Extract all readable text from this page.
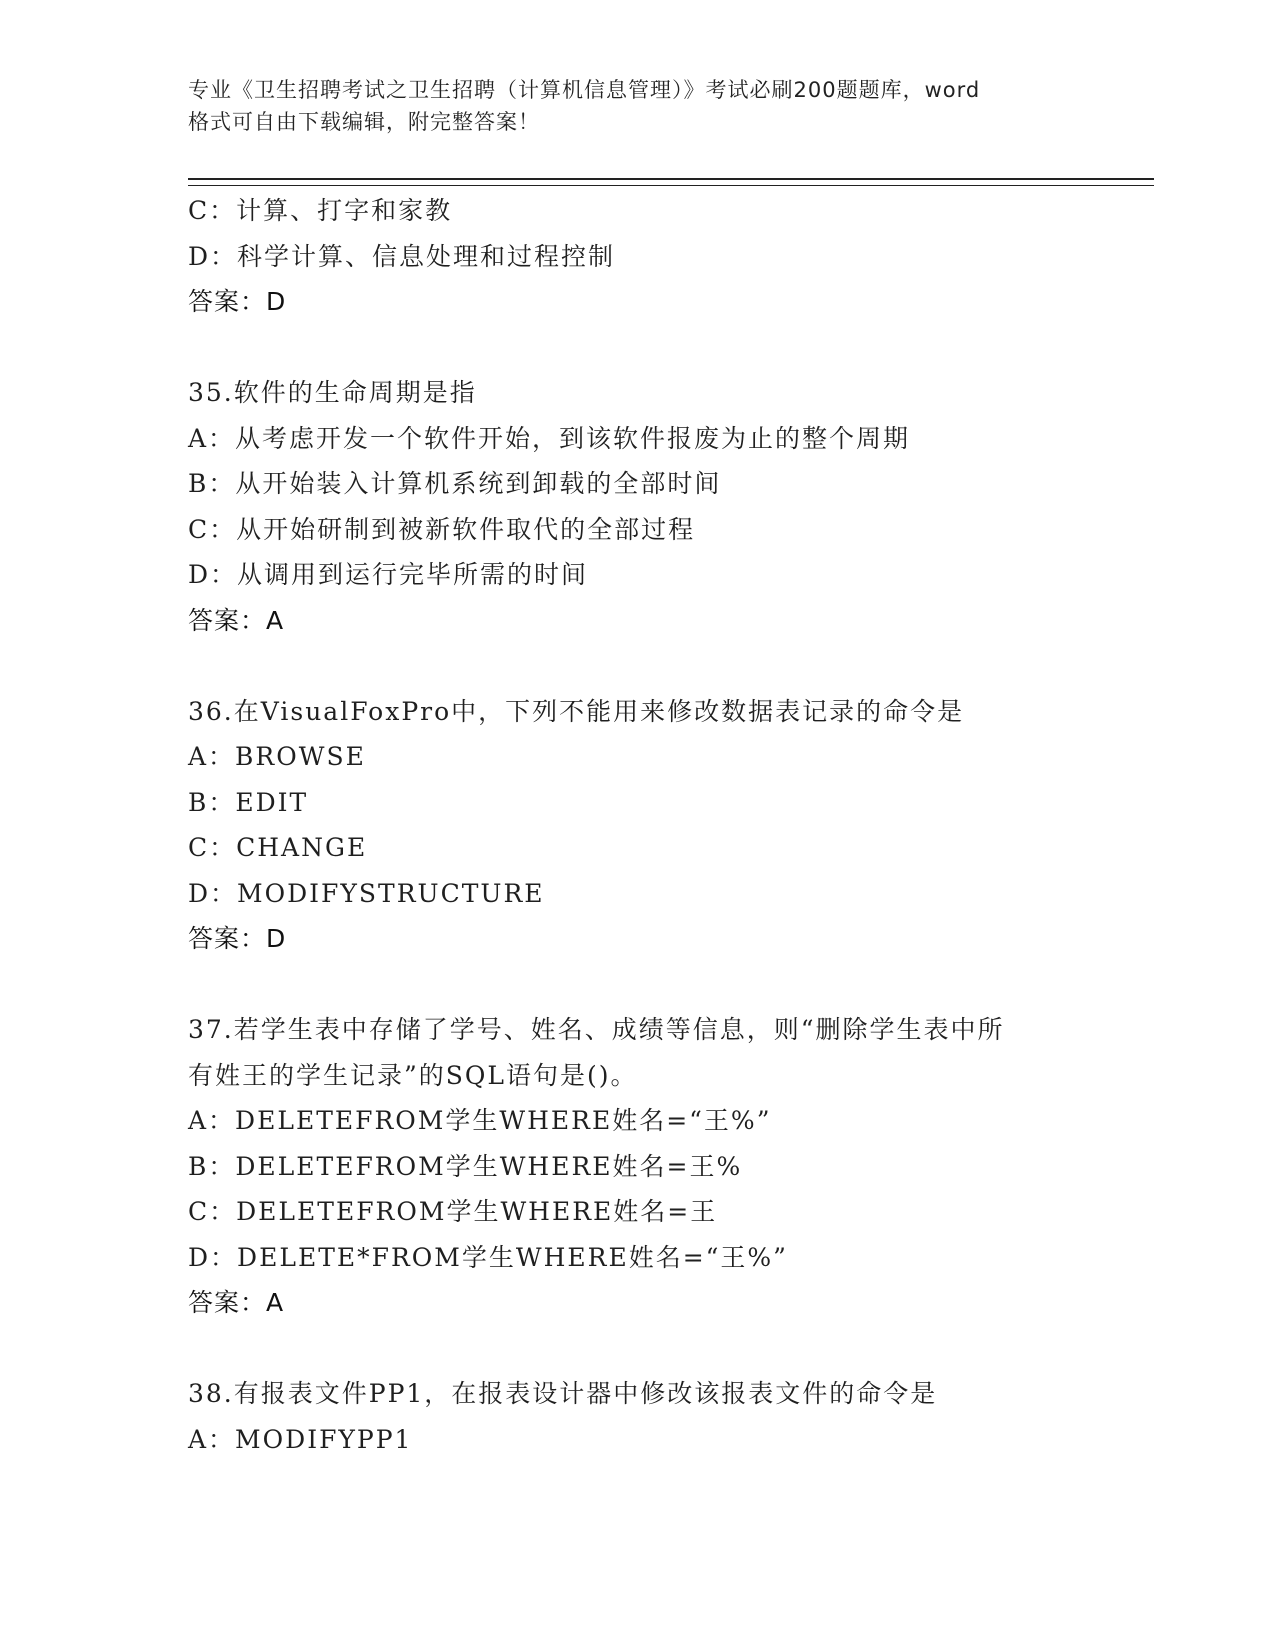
专业《卫生招聘考试之卫生招聘（计算机信息管理）》考试必刷200题题库，word
格式可自由下载编辑，附完整答案！
C：计算、打字和家教
D：科学计算、信息处理和过程控制
答案：D
35.软件的生命周期是指
A：从考虑开发一个软件开始，到该软件报废为止的整个周期
B：从开始装入计算机系统到卸载的全部时间
C：从开始研制到被新软件取代的全部过程
D：从调用到运行完毕所需的时间
答案：A
36.在VisualFoxPro中，下列不能用来修改数据表记录的命令是
A：BROWSE
B：EDIT
C：CHANGE
D：MODIFYSTRUCTURE
答案：D
37.若学生表中存储了学号、姓名、成绩等信息，则“删除学生表中所
有姓王的学生记录”的SQL语句是()。
A：DELETEFROM学生WHERE姓名=“王%”
B：DELETEFROM学生WHERE姓名=王%
C：DELETEFROM学生WHERE姓名=王
D：DELETE*FROM学生WHERE姓名=“王%”
答案：A
38.有报表文件PP1，在报表设计器中修改该报表文件的命令是
A：MODIFYPP1
